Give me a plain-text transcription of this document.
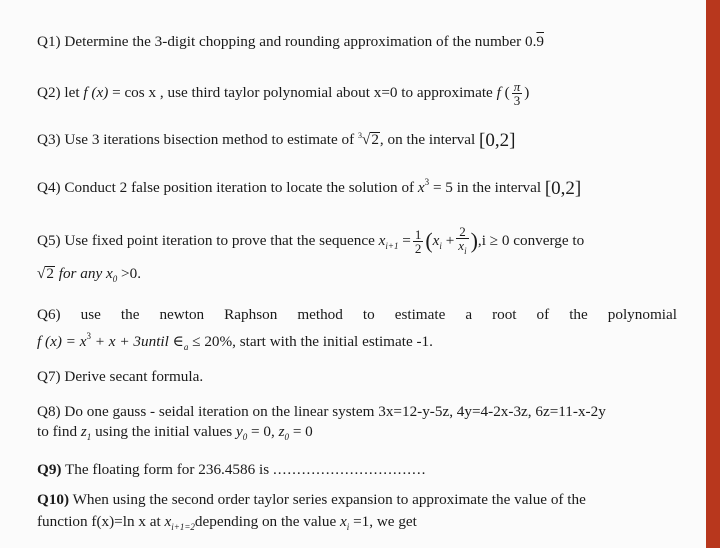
Q1) Determine the 3-digit chopping and rounding approximation of the number 0.9
Q2) let f (x) = cos x , use third taylor polynomial about x=0 to approximate f ( $\frac{\pi}{3}$ )
Q3) Use 3 iterations bisection method to estimate of $^3$√2, on the interval [0,2]
Q4) Conduct 2 false position iteration to locate the solution of $x^3 = 5$ in the interval [0,2]
Q5) Use fixed point iteration to prove that the sequence $x_{i+1} = \frac{1}{2} (x_i + \frac{2}{x_i} ),i \ge 0$ converge to
√2 for any $x_0 >0$.
Q6) use the newton Raphson method to estimate a root of the polynomial
f $(x) = x^3 + x$ + 3until $\in_a \le 20\%$, start with the initial estimate -1.
Q7) Derive secant formula.
Q8) Do one gauss - seidal iteration on the linear system 3x=12-y-5z, 4y=4-2x-3z, 6z=11-x-2y
to find $z_1$ using the initial values $y_0 = 0$, $z_0 = 0$
Q9) The floating form for 236.4586 is ................................
Q10) When using the second order taylor series expansion to approximate the value of the
function f(x)=ln x at $x_{i+1=2}depending$ on the value $x_i =1$, we get
